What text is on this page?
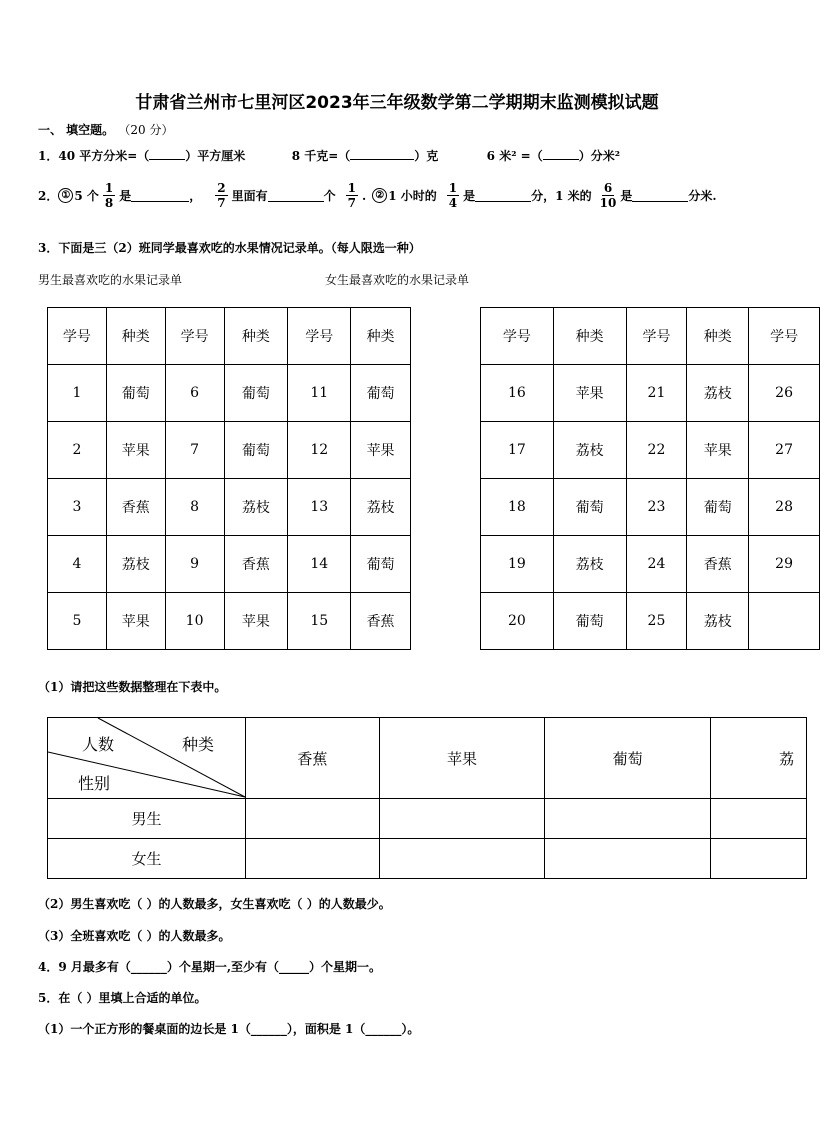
甘肃省兰州市七里河区2023年三年级数学第二学期期末监测模拟试题
一、 填空题。 （20 分）
1．40 平方分米=（	）平方厘米	8 千克=（	）克	6 米² =（	）分米²
2． ① 5 个 $\frac{1}{8}$ 是	， $\frac{2}{7}$ 里面有	个 $\frac{1}{7}$ . ② 1 小时的 $\frac{1}{4}$ 是	分，1 米的 $\frac{6}{10}$ 是	分米.
3．下面是三（2）班同学最喜欢吃的水果情况记录单。（每人限选一种）
男生最喜欢吃的水果记录单	女生最喜欢吃的水果记录单
学号	种类	学号	种类	学号	种类
1	葡萄	6	葡萄	11	葡萄
2	苹果	7	葡萄	12	苹果
3	香蕉	8	荔枝	13	荔枝
4	荔枝	9	香蕉	14	葡萄
5	苹果	10	苹果	15	香蕉
学号	种类	学号	种类	学号
16	苹果	21	荔枝	26
17	荔枝	22	苹果	27
18	葡萄	23	葡萄	28
19	荔枝	24	香蕉	29
20	葡萄	25	荔枝	
（1）请把这些数据整理在下表中。
人数 种类
性别	香蕉	苹果	葡萄	荔
男生				
女生				
（2）男生喜欢吃（ ）的人数最多，女生喜欢吃（ ）的人数最少。
（3）全班喜欢吃（ ）的人数最多。
4．9 月最多有（______）个星期一,至少有（_____）个星期一。
5．在（ ）里填上合适的单位。
（1）一个正方形的餐桌面的边长是 1（______），面积是 1（______）。
